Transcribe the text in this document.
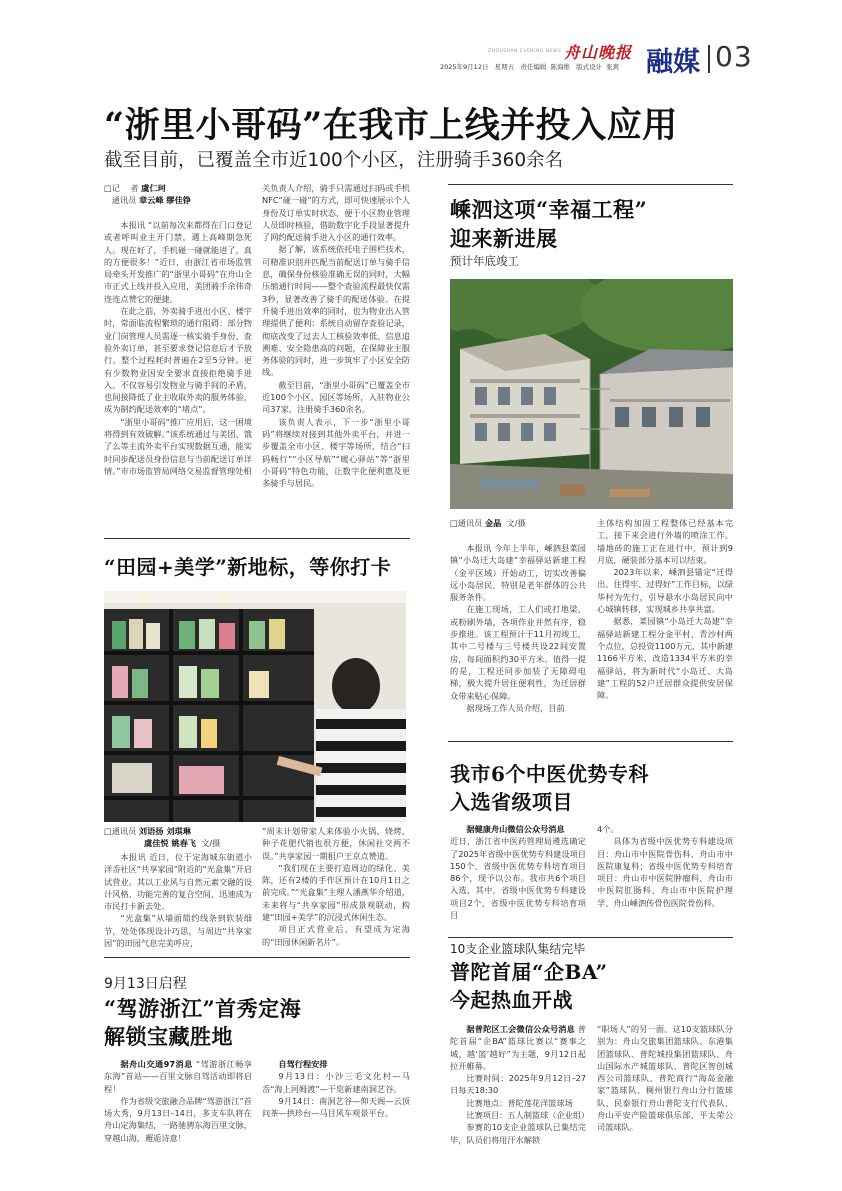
ZHOUSHAN EVENING NEWS 舟山晚报
2025年9月12日   星期五   责任编辑  陈海维   版式设计  张爽 融媒 03
“浙里小哥码”在我市上线并投入应用
截至目前，已覆盖全市近100个小区，注册骑手360余名
□记    者 虞仁珂
通讯员 章云峰 缪佳铮

本报讯 “以前每次来都得在门口登记或者呼叫业主开门禁，遇上高峰期急死人。现在好了，手机碰一碰就能进了，真的方便很多！”近日，由浙江省市场监管局牵头开发推广的“浙里小哥码”在舟山全市正式上线并投入应用，美团骑手余伟奇连连点赞它的便捷。

在此之前，外卖骑手进出小区、楼宇时，常面临流程繁琐的通行阻碍：部分物业门岗管理人员需逐一核实骑手身份、查验外卖订单，甚至要求登记信息后才予放行。整个过程耗时普遍在2至5分钟。更有少数物业因安全要求直接拒绝骑手进入。不仅容易引发物业与骑手间的矛盾，也间接降低了业主收取外卖的服务体验，成为制约配送效率的“堵点”。

“浙里小哥码”推广应用后，这一困境将得到有效破解。”该系统通过与美团、饿了么等主流外卖平台实现数据互通，能实时同步配送员身份信息与当前配送订单详情。”市市场监管局网络交易监督管理处相

关负责人介绍，骑手只需通过扫码或手机NFC“碰一碰”的方式，即可快速展示个人身份及订单实时状态，便于小区物业管理人员即时核验，借助数字化手段显著提升了网约配送骑手进入小区的通行效率。

据了解，该系统依托电子围栏技术，可精准识别并匹配当前配送订单与骑手信息，确保身份核验准确无误的同时，大幅压缩通行时间——整个查验流程最快仅需3秒，显著改善了骑手的配送体验。在提升骑手进出效率的同时，也为物业出入管理提供了便利：系统自动留存查验记录，彻底改变了过去人工核验效率低、信息追溯难、安全隐患高的问题，在保障业主服务体验的同时，进一步筑牢了小区安全防线。

截至目前，“浙里小哥码”已覆盖全市近100个小区，园区等场所，入驻物业公司37家，注册骑手360余名。

该负责人表示，下一步“浙里小哥码”将继续对接到其他外卖平台，并进一步覆盖全市小区、楼宇等场所，结合“扫码畅行”“小区导航”“暖心驿站”等“浙里小哥码”特色功能，让数字化便利惠及更多骑手与居民。

嵊泗这项“幸福工程”
迎来新进展
预计年底竣工
□通讯员 金晶  文/摄

本报讯 今年上半年，嵊泗县菜园镇“小岛迁大岛建”幸福驿站新建工程（金平区域）开始动工，切实改善偏远小岛居民，特别是老年群体的公共服务条件。

在施工现场，工人们或打地梁，或粉刷外墙，各项作业井然有序，稳步推进。该工程预计于11月初竣工，其中二号楼与三号楼共设22间安置房，每间面积约30平方米。值得一提的是，工程还同步加装了无障碍电梯，极大提升居住便利性，为迁居群众带来贴心保障。

据现场工作人员介绍，目前

主体结构加固工程整体已经基本完工，接下来会进行外墙的喷涂工作。墙地砖的施工正在进行中，预计到9月底，硬装部分基本可以结束。

2023年以来，嵊泗县锚定“迁得出、住得牢、过得好”工作目标，以绿华村为先行，引导悬水小岛居民向中心城镇转移，实现城乡共享共富。

据悉，菜园镇“小岛迁大岛建”幸福驿站新建工程分金平村、青沙村两个点位，总投资1100万元，其中新建1166平方米，改造1334平方米的幸福驿站，将为新时代“小岛迁、大岛建”工程的52户迁居群众提供安居保障。

“田园+美学”新地标，等你打卡
□通讯员 刘语扬 刘琪琳
虞佳悦 姚春飞  文/摄

本报讯 近日，位于定海城东街道小洋岙社区“共享家园”附近的“光盒集”开启试营业。其以工业风与自然元素交融的设计风格、功能完善的复合空间，迅速成为市民打卡新去处。

“光盒集”从墙面简约线条到软装细节，处处体现设计巧思，与周边“共享家园”的田园气息完美呼应，

“周末计划带家人来体验小火锅、烧烤，种子花肥代销也很方便，休闲社交两不误。”共享家园一期租户王京点赞道。

“我们现在主要打造周边的绿化、美陈，还有2楼的手作区预计在10月1日之前完成。”“光盒集”主理人潘燕华介绍道，未来将与“共享家园”形成景观联动，构建“田园+美学”的沉浸式休闲生态。

项目正式营业后，有望成为定海的“田园休闲新名片”。

我市6个中医优势专科
入选省级项目

据健康舟山微信公众号消息
近日，浙江省中医药管理局遴选确定了2025年省级中医优势专科建设项目150个、省级中医优势专科培育项目86个，现予以公布。我市共6个项目入选，其中，省级中医优势专科建设项目2个，省级中医优势专科培育项目

4个。

具体为省级中医优势专科建设项目：舟山市中医院骨伤科、舟山市中医院康复科；省级中医优势专科培育项目：舟山市中医院肿瘤科、舟山市中医院肛肠科、舟山市中医院护理学、舟山嵊泗传骨伤医院骨伤科。

10支企业篮球队集结完毕
普陀首届“企BA”
今起热血开战

据普陀区工会微信公众号消息 普陀首届“企BA”篮球比赛以“赛事之城，越‘篮’越好”为主题，9月12日起拉开帷幕。

比赛时间：2025年9月12日–27日每天18:30

比赛地点：普陀莲花洋篮球场

比赛项目：五人制篮球（企业组）

参赛的10支企业篮球队已集结完毕，队员们将用汗水解锁

“职场人”的另一面。这10支篮球队分别为：舟山交旅集团篮球队、东港集团篮球队、普陀城投集团篮球队、舟山国际水产城篮球队、普陀区智创城西公司篮球队、普陀商行“海岛金融家”篮球队、稠州银行舟山分行篮球队、民泰银行舟山普陀支行代表队、舟山平安产险篮球俱乐部、平太荣公司篮球队。

9月13日启程
“驾游浙江”首秀定海
解锁宝藏胜地

据舟山交通97消息 “驾游浙江畅享东海”首站——百里文脉自驾活动即将启程！

作为省级交旅融合品牌“驾游浙江”首场大秀，9月13日–14日，多支车队将在舟山定海集结，一路驰骋东海百里文脉，穿越山海，邂逅诗意！

自驾行程安排

9月13日：小沙三毛文化村—马岙“海上河姆渡”—干览新建南洞艺谷。

9月14日：南洞艺谷—仰天阁—云顶问茶—拱珍台—马目风车观景平台。
